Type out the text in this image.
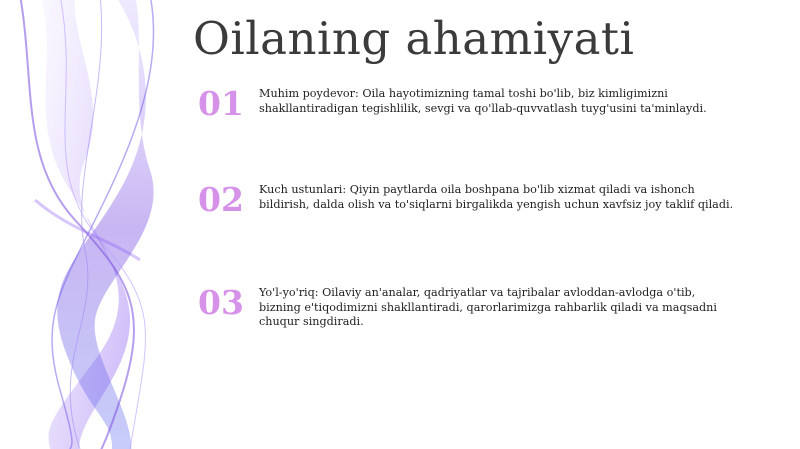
Oilaning ahamiyati
01	Muhim poydevor: Oila hayotimizning tamal toshi bo'lib, biz kimligimizni shakllantiradigan tegishlilik, sevgi va qo'llab-quvvatlash tuyg'usini ta'minlaydi.

02	Kuch ustunlari: Qiyin paytlarda oila boshpana bo'lib xizmat qiladi va ishonch bildirish, dalda olish va to'siqlarni birgalikda yengish uchun xavfsiz joy taklif qiladi.

03	Yo'l-yo'riq: Oilaviy an'analar, qadriyatlar va tajribalar avloddan-avlodga o'tib, bizning e'tiqodimizni shakllantiradi, qarorlarimizga rahbarlik qiladi va maqsadni chuqur singdiradi.
